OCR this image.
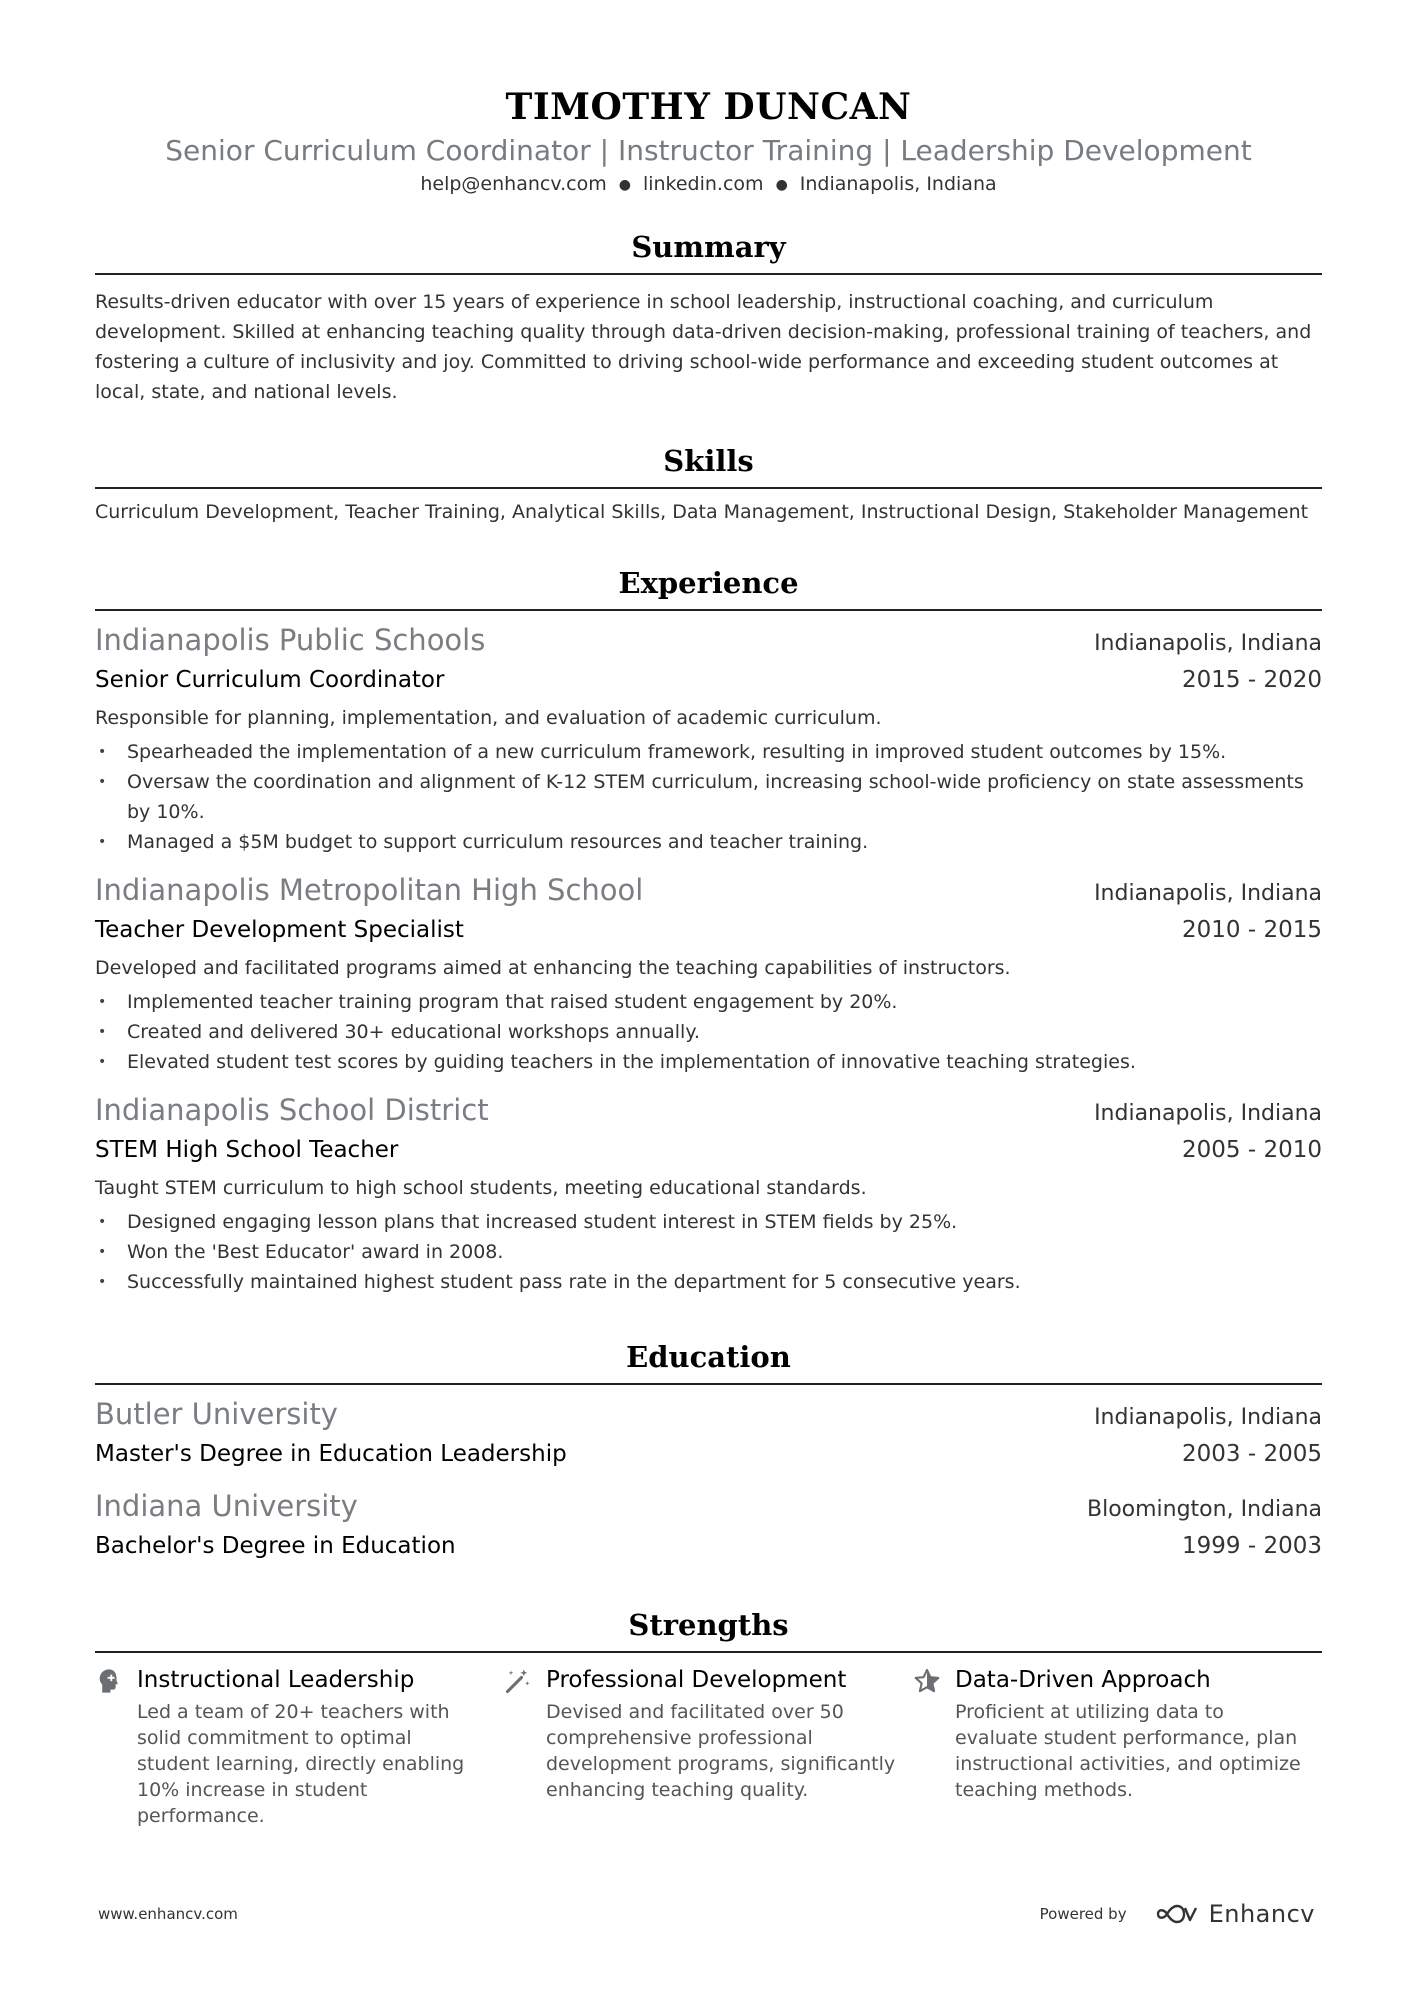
TIMOTHY DUNCAN
Senior Curriculum Coordinator | Instructor Training | Leadership Development
help@enhancv.com ● linkedin.com ● Indianapolis, Indiana
Summary
Results-driven educator with over 15 years of experience in school leadership, instructional coaching, and curriculum development. Skilled at enhancing teaching quality through data-driven decision-making, professional training of teachers, and fostering a culture of inclusivity and joy. Committed to driving school-wide performance and exceeding student outcomes at local, state, and national levels.
Skills
Curriculum Development, Teacher Training, Analytical Skills, Data Management, Instructional Design, Stakeholder Management
Experience
Indianapolis Public Schools	Indianapolis, Indiana
Senior Curriculum Coordinator	2015 - 2020
Responsible for planning, implementation, and evaluation of academic curriculum.
• Spearheaded the implementation of a new curriculum framework, resulting in improved student outcomes by 15%.
• Oversaw the coordination and alignment of K-12 STEM curriculum, increasing school-wide proficiency on state assessments by 10%.
• Managed a $5M budget to support curriculum resources and teacher training.
Indianapolis Metropolitan High School	Indianapolis, Indiana
Teacher Development Specialist	2010 - 2015
Developed and facilitated programs aimed at enhancing the teaching capabilities of instructors.
• Implemented teacher training program that raised student engagement by 20%.
• Created and delivered 30+ educational workshops annually.
• Elevated student test scores by guiding teachers in the implementation of innovative teaching strategies.
Indianapolis School District	Indianapolis, Indiana
STEM High School Teacher	2005 - 2010
Taught STEM curriculum to high school students, meeting educational standards.
• Designed engaging lesson plans that increased student interest in STEM fields by 25%.
• Won the 'Best Educator' award in 2008.
• Successfully maintained highest student pass rate in the department for 5 consecutive years.
Education
Butler University	Indianapolis, Indiana
Master's Degree in Education Leadership	2003 - 2005
Indiana University	Bloomington, Indiana
Bachelor's Degree in Education	1999 - 2003
Strengths
Instructional Leadership
Led a team of 20+ teachers with solid commitment to optimal student learning, directly enabling 10% increase in student performance.
Professional Development
Devised and facilitated over 50 comprehensive professional development programs, significantly enhancing teaching quality.
Data-Driven Approach
Proficient at utilizing data to evaluate student performance, plan instructional activities, and optimize teaching methods.
www.enhancv.com	Powered by	Enhancv
